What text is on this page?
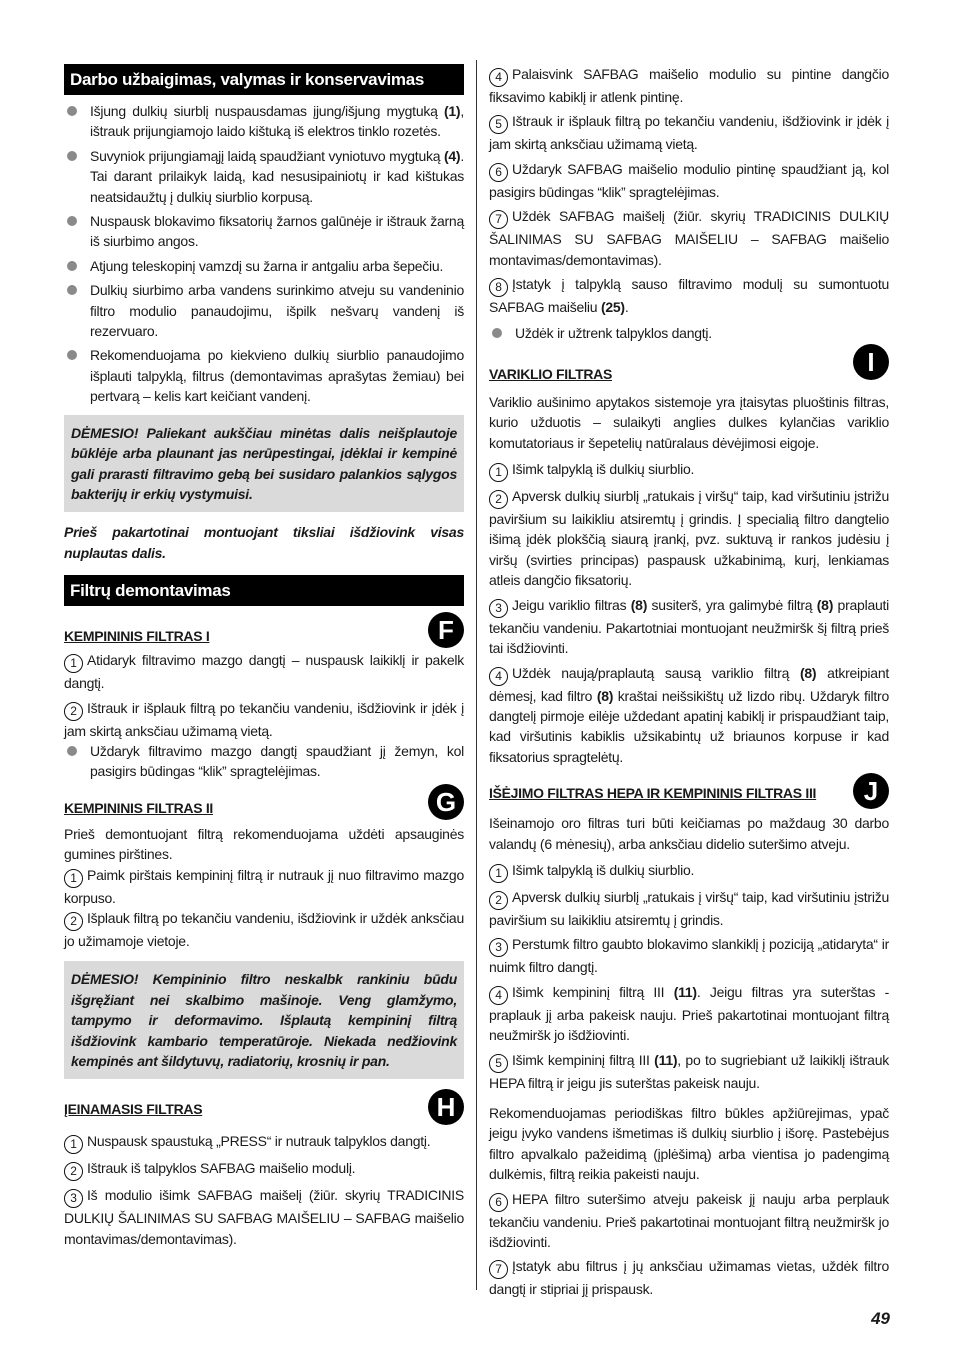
Darbo užbaigimas, valymas ir konservavimas

Išjung dulkių siurblį nuspausdamas įjung/išjung mygtuką (1), ištrauk prijungiamojo laido kištuką iš elektros tinklo rozetės.

Suvyniok prijungiamąjį laidą spaudžiant vyniotuvo mygtuką (4). Tai darant prilaikyk laidą, kad nesusipainiotų ir kad kištukas neatsidaužtų į dulkių siurblio korpusą.

Nuspausk blokavimo fiksatorių žarnos galūnėje ir ištrauk žarną iš siurbimo angos.

Atjung teleskopinį vamzdį su žarna ir antgaliu arba šepečiu.

Dulkių siurbimo arba vandens surinkimo atveju su vandeninio filtro modulio panaudojimu, išpilk nešvarų vandenį iš rezervuaro.

Rekomenduojama po kiekvieno dulkių siurblio panaudojimo išplauti talpyklą, filtrus (demontavimas aprašytas žemiau) bei pertvarą – kelis kart keičiant vandenį.

DĖMESIO! Paliekant aukščiau minėtas dalis neišplautoje būklėje arba plaunant jas nerūpestingai, įdėklai ir kempinė gali prarasti filtravimo gebą bei susidaro palankios sąlygos bakterijų ir erkių vystymuisi.

Prieš pakartotinai montuojant tiksliai išdžiovink visas nuplautas dalis.

Filtrų demontavimas
KEMPININIS FILTRAS I	F

1 Atidaryk filtravimo mazgo dangtį – nuspausk laikiklį ir pakelk dangtį.

2 Ištrauk ir išplauk filtrą po tekančiu vandeniu, išdžiovink ir įdėk į jam skirtą anksčiau užimamą vietą.

Uždaryk filtravimo mazgo dangtį spaudžiant jį žemyn, kol pasigirs būdingas “klik” spragtelėjimas.

KEMPININIS FILTRAS II	G

Prieš demontuojant filtrą rekomenduojama uždėti apsauginės gumines pirštines.

1 Paimk pirštais kempininį filtrą ir nutrauk jį nuo filtravimo mazgo korpuso.

2 Išplauk filtrą po tekančiu vandeniu, išdžiovink ir uždėk anksčiau jo užimamoje vietoje.

DĖMESIO! Kempininio filtro neskalbk rankiniu būdu išgręžiant nei skalbimo mašinoje. Veng glamžymo, tampymo ir deformavimo. Išplautą kempininį filtrą išdžiovink kambario temperatūroje. Niekada nedžiovink kempinės ant šildytuvų, radiatorių, krosnių ir pan.
ĮEINAMASIS FILTRAS	H

1 Nuspausk spaustuką „PRESS“ ir nutrauk talpyklos dangtį.

2 Ištrauk iš talpyklos SAFBAG maišelio modulį.

3 Iš modulio išimk SAFBAG maišelį (žiūr. skyrių TRADICINIS DULKIŲ ŠALINIMAS SU SAFBAG MAIŠELIU – SAFBAG maišelio montavimas/demontavimas).

4 Palaisvink SAFBAG maišelio modulio su pintine dangčio fiksavimo kabiklį ir atlenk pintinę.

5 Ištrauk ir išplauk filtrą po tekančiu vandeniu, išdžiovink ir įdėk į jam skirtą anksčiau užimamą vietą.

6 Uždaryk SAFBAG maišelio modulio pintinę spaudžiant ją, kol pasigirs būdingas “klik” spragtelėjimas.

7 Uždėk SAFBAG maišelį (žiūr. skyrių TRADICINIS DULKIŲ ŠALINIMAS SU SAFBAG MAIŠELIU – SAFBAG maišelio montavimas/demontavimas).

8 Įstatyk į talpyklą sauso filtravimo modulį su sumontuotu SAFBAG maišeliu (25).

Uždėk ir užtrenk talpyklos dangtį.

VARIKLIO FILTRAS	I

Variklio aušinimo apytakos sistemoje yra įtaisytas pluoštinis filtras, kurio užduotis – sulaikyti anglies dulkes kylančias variklio komutatoriaus ir šepetelių natūralaus dėvėjimosi eigoje.

1 Išimk talpyklą iš dulkių siurblio.

2 Apversk dulkių siurblį „ratukais į viršų“ taip, kad viršutiniu įstrižu paviršium su laikikliu atsiremtų į grindis. Į specialią filtro dangtelio išimą įdėk plokščią siaurą įrankį, pvz. suktuvą ir rankos judėsiu į viršų (svirties principas) paspausk užkabinimą, kurį, lenkiamas atleis dangčio fiksatorių.

3 Jeigu variklio filtras (8) susiterš, yra galimybė filtrą (8) praplauti tekančiu vandeniu. Pakartotniai montuojant neužmiršk šį filtrą prieš tai išdžiovinti.

4 Uždėk naują/praplautą sausą variklio filtrą (8) atkreipiant dėmesį, kad filtro (8) kraštai neišsikištų už lizdo ribų. Uždaryk filtro dangtelį pirmoje eilėje uždedant apatinį kabiklį ir prispaudžiant taip, kad viršutinis kabiklis užsikabintų už briaunos korpuse ir kad fiksatorius spragtelėtų.

IŠĖJIMO FILTRAS HEPA IR KEMPININIS FILTRAS III	J

Išeinamojo oro filtras turi būti keičiamas po maždaug 30 darbo valandų (6 mėnesių), arba anksčiau didelio suteršimo atveju.

1 Išimk talpyklą iš dulkių siurblio.

2 Apversk dulkių siurblį „ratukais į viršų“ taip, kad viršutiniu įstrižu paviršium su laikikliu atsiremtų į grindis.

3 Perstumk filtro gaubto blokavimo slankiklį į poziciją „atidaryta“ ir nuimk filtro dangtį.

4 Išimk kempininį filtrą III (11). Jeigu filtras yra suterštas - praplauk jį arba pakeisk nauju. Prieš pakartotinai montuojant filtrą neužmiršk jo išdžiovinti.

5 Išimk kempininį filtrą III (11), po to sugriebiant už laikiklį ištrauk HEPA filtrą ir jeigu jis suterštas pakeisk nauju.

Rekomenduojamas periodiškas filtro būkles apžiūrejimas, ypač jeigu įvyko vandens išmetimas iš dulkių siurblio į išorę. Pastebėjus filtro apvalkalo pažeidimą (įplėšimą) arba vientisa jo padengimą dulkėmis, filtrą reikia pakeisti nauju.

6 HEPA filtro suteršimo atveju pakeisk jį nauju arba perplauk tekančiu vandeniu. Prieš pakartotinai montuojant filtrą neužmiršk jo išdžiovinti.

7 Įstatyk abu filtrus į jų anksčiau užimamas vietas, uždėk filtro dangtį ir stipriai jį prispausk.

49
